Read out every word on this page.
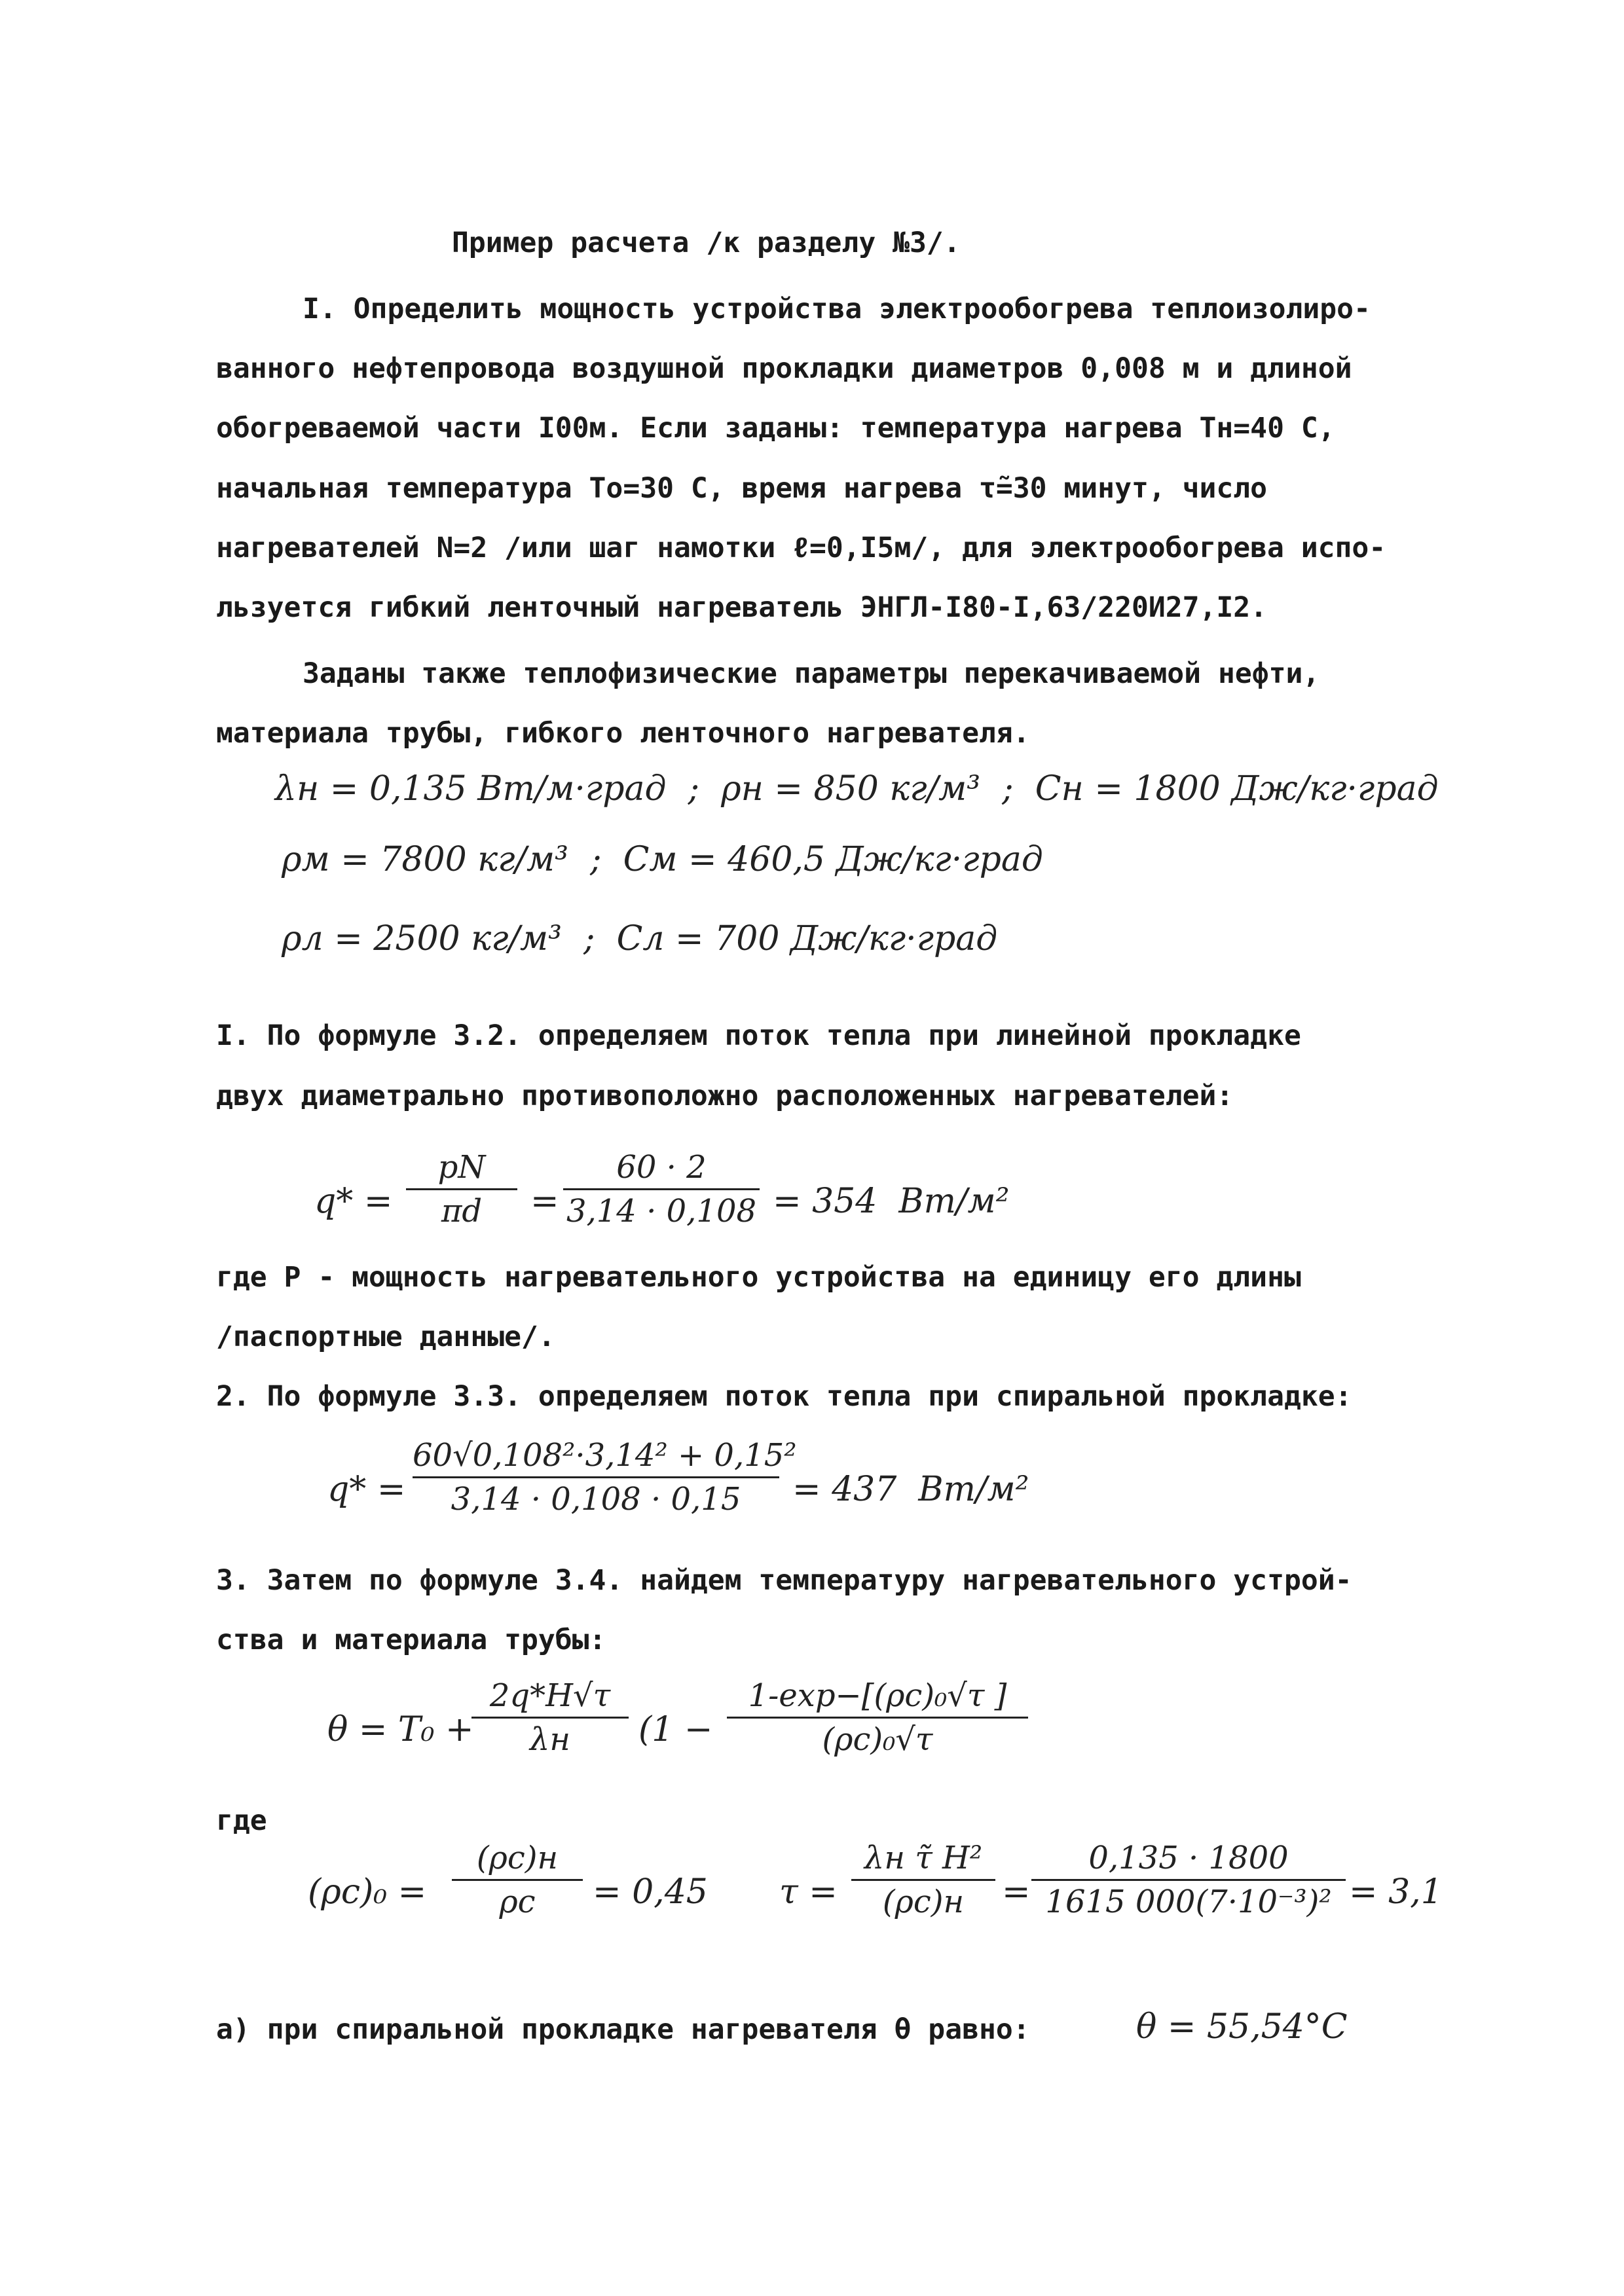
Пример расчета /к разделу №3/.
I. Определить мощность устройства электрообогрева теплоизолиро-
ванного нефтепровода воздушной прокладки диаметров 0,008 м и длиной
обогреваемой части I00м. Если заданы: температура нагрева Тн=40 С,
начальная температура То=30 С, время нагрева τ̃=30 минут, число
нагревателей N=2 /или шаг намотки ℓ=0,I5м/, для электрообогрева испо-
льзуется гибкий ленточный нагреватель ЭНГЛ-I80-I,63/220И27,I2.
Заданы также теплофизические параметры перекачиваемой нефти,
материала трубы, гибкого ленточного нагревателя.
λн = 0,135 Вт/м·град  ;  ρн = 850 кг/м³  ;  Сн = 1800 Дж/кг·град
ρм = 7800 кг/м³  ;  См = 460,5 Дж/кг·град
ρл = 2500 кг/м³  ;  Сл = 700 Дж/кг·град
I. По формуле 3.2. определяем поток тепла при линейной прокладке
двух диаметрально противоположно расположенных нагревателей:
q* =
pN
πd	=
60 · 2
3,14 · 0,108 = 354  Вт/м²
где Р - мощность нагревательного устройства на единицу его длины
/паспортные данные/.
2. По формуле 3.3. определяем поток тепла при спиральной прокладке:
q* =
60√0,108²·3,14² + 0,15²
3,14 · 0,108 · 0,15	= 437  Вт/м²
3. Затем по формуле 3.4. найдем температуру нагревательного устрой-
ства и материала трубы:
θ = T₀ +
2q*H√τ
λн	(1 −
1-exp−[(ρc)₀√τ ]
(ρc)₀√τ
где
(ρc)₀ =
(ρc)н
ρc	= 0,45 τ =
λн τ̃ H²
(ρc)н	=
0,135 · 1800
1615 000(7·10⁻³)² = 3,1
а) при спиральной прокладке нагревателя θ равно:	θ = 55,54°C
